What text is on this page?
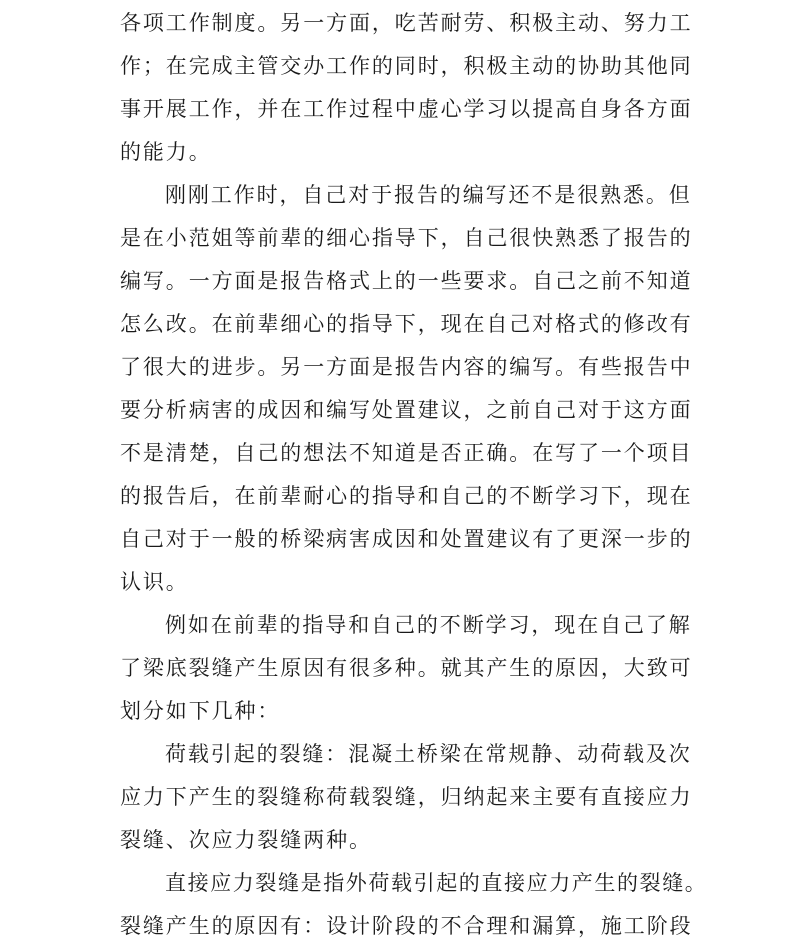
各项工作制度。另一方面，吃苦耐劳、积极主动、努力工
作；在完成主管交办工作的同时，积极主动的协助其他同
事开展工作，并在工作过程中虚心学习以提高自身各方面
的能力。
刚刚工作时，自己对于报告的编写还不是很熟悉。但
是在小范姐等前辈的细心指导下，自己很快熟悉了报告的
编写。一方面是报告格式上的一些要求。自己之前不知道
怎么改。在前辈细心的指导下，现在自己对格式的修改有
了很大的进步。另一方面是报告内容的编写。有些报告中
要分析病害的成因和编写处置建议，之前自己对于这方面
不是清楚，自己的想法不知道是否正确。在写了一个项目
的报告后，在前辈耐心的指导和自己的不断学习下，现在
自己对于一般的桥梁病害成因和处置建议有了更深一步的
认识。
例如在前辈的指导和自己的不断学习，现在自己了解
了梁底裂缝产生原因有很多种。就其产生的原因，大致可
划分如下几种：
荷载引起的裂缝：混凝土桥梁在常规静、动荷载及次
应力下产生的裂缝称荷载裂缝，归纳起来主要有直接应力
裂缝、次应力裂缝两种。
直接应力裂缝是指外荷载引起的直接应力产生的裂缝。
裂缝产生的原因有：设计阶段的不合理和漏算，施工阶段
